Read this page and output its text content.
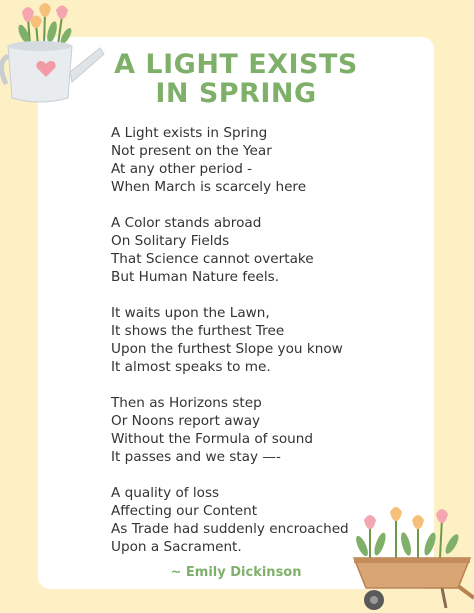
A LIGHT EXISTS
IN SPRING
A Light exists in Spring
Not present on the Year
At any other period -
When March is scarcely here
A Color stands abroad
On Solitary Fields
That Science cannot overtake
But Human Nature feels.
It waits upon the Lawn,
It shows the furthest Tree
Upon the furthest Slope you know
It almost speaks to me.
Then as Horizons step
Or Noons report away
Without the Formula of sound
It passes and we stay —-
A quality of loss
Affecting our Content
As Trade had suddenly encroached
Upon a Sacrament.
~ Emily Dickinson
